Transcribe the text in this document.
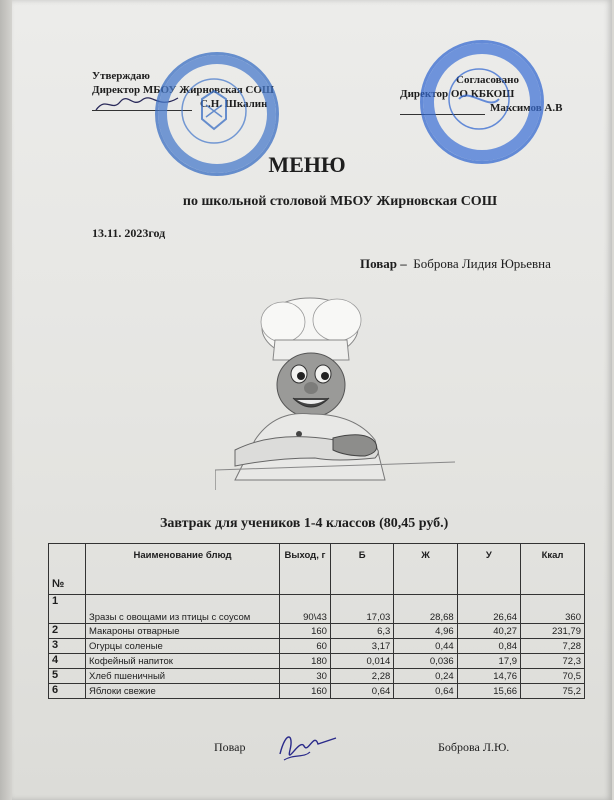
Утверждаю
Директор МБОУ Жирновская СОШ
С.Н. Шкалин
Согласовано
Директор ОО КБКОШ
Максимов А.В
МЕНЮ
по школьной столовой МБОУ Жирновская СОШ
13.11. 2023год
Повар – Боброва Лидия Юрьевна
Завтрак для учеников 1-4 классов (80,45 руб.)
№	Наименование блюд	Выход, г	Б	Ж	У	Ккал
1	Зразы с овощами из птицы с соусом	90\43	17,03	28,68	26,64	360
2	Макароны отварные	160	6,3	4,96	40,27	231,79
3	Огурцы соленые	60	3,17	0,44	0,84	7,28
4	Кофейный напиток	180	0,014	0,036	17,9	72,3
5	Хлеб пшеничный	30	2,28	0,24	14,76	70,5
6	Яблоки свежие	160	0,64	0,64	15,66	75,2
Повар	Боброва Л.Ю.
